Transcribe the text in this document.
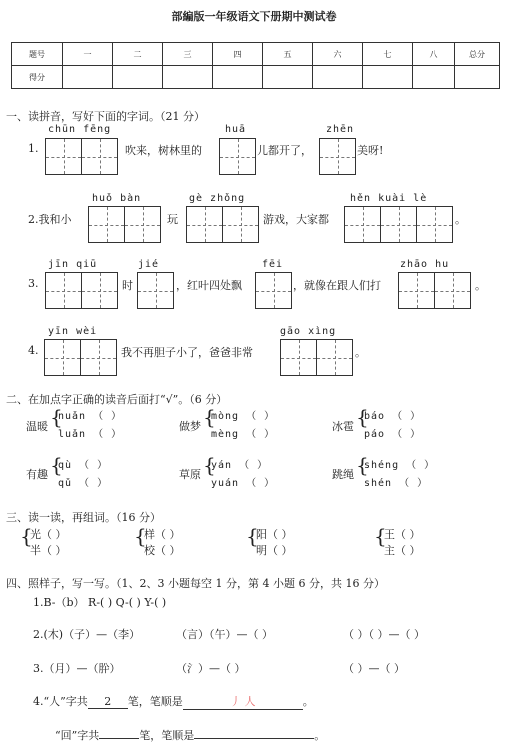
部編版一年级语文下册期中测试卷
题号	一	二	三	四	五	六	七	八	总分
得分									
一、读拼音，写好下面的字词。（21 分）
1.
chūn fēng
吹来，树林里的
huā
儿都开了，
zhēn
美呀!
2.我和小
huǒ bàn
玩
gè zhǒng
游戏，大家都
hěn kuài lè
。
3.
jīn qiū
时
jié
，红叶四处飘
fēi
，就像在跟人们打
zhāo hu
。
4.
yīn wèi
我不再胆子小了，爸爸非常
gāo xìng
。
二、在加点字正确的读音后面打“√”。（6 分）
温暖 {
nuǎn （ ）
luǎn （ ）
做梦 {
mòng （ ）
mèng （ ）
冰雹 {
báo （ ）
páo （ ）
有趣 {
qù （ ）
qǔ （ ）
草原 {
yán （ ）
yuán （ ）
跳绳 {
shéng （ ）
shén （ ）
三、读一读，再组词。（16 分）
{
光（ ）
半（ ）
{
样（ ）
校（ ）
{
阳（ ）
明（ ）
{
王（ ）
主（ ）
四、照样子，写一写。（1、2、3 小题每空 1 分，第 4 小题 6 分，共 16 分）
1.B-（b） R-( ) Q-( ) Y-( )
2.(木)（子）—（李）	（言）（午）—（ ）	（ ）（ ）—（ ）
3.（月）—（肸）	（氵）—（ ）	（ ）—（ ）
4.“人”字共 2 笔，笔顺是	丿 人	。
“回”字共	笔，笔顺是	。
